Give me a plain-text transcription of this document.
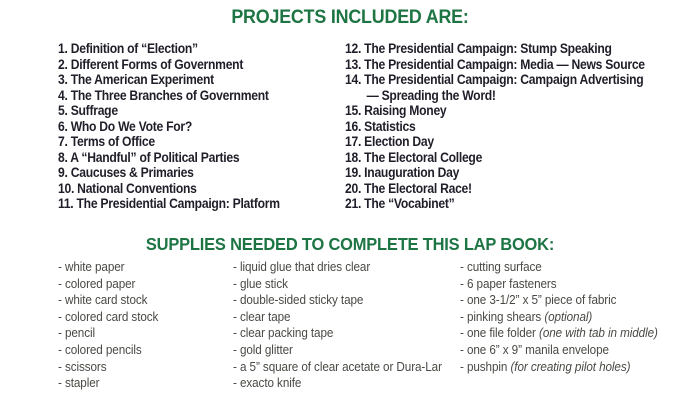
PROJECTS INCLUDED ARE:
1. Definition of “Election”
2. Different Forms of Government
3. The American Experiment
4. The Three Branches of Government
5. Suffrage
6. Who Do We Vote For?
7. Terms of Office
8. A “Handful” of Political Parties
9. Caucuses & Primaries
10. National Conventions
11. The Presidential Campaign: Platform
12. The Presidential Campaign: Stump Speaking
13. The Presidential Campaign: Media — News Source
14. The Presidential Campaign: Campaign Advertising
— Spreading the Word!
15. Raising Money
16. Statistics
17. Election Day
18. The Electoral College
19. Inauguration Day
20. The Electoral Race!
21. The “Vocabinet”
SUPPLIES NEEDED TO COMPLETE THIS LAP BOOK:
- white paper
- colored paper
- white card stock
- colored card stock
- pencil
- colored pencils
- scissors
- stapler
- liquid glue that dries clear
- glue stick
- double-sided sticky tape
- clear tape
- clear packing tape
- gold glitter
- a 5” square of clear acetate or Dura-Lar
- exacto knife
- cutting surface
- 6 paper fasteners
- one 3-1/2” x 5” piece of fabric
- pinking shears (optional)
- one file folder (one with tab in middle)
- one 6” x 9” manila envelope
- pushpin (for creating pilot holes)
